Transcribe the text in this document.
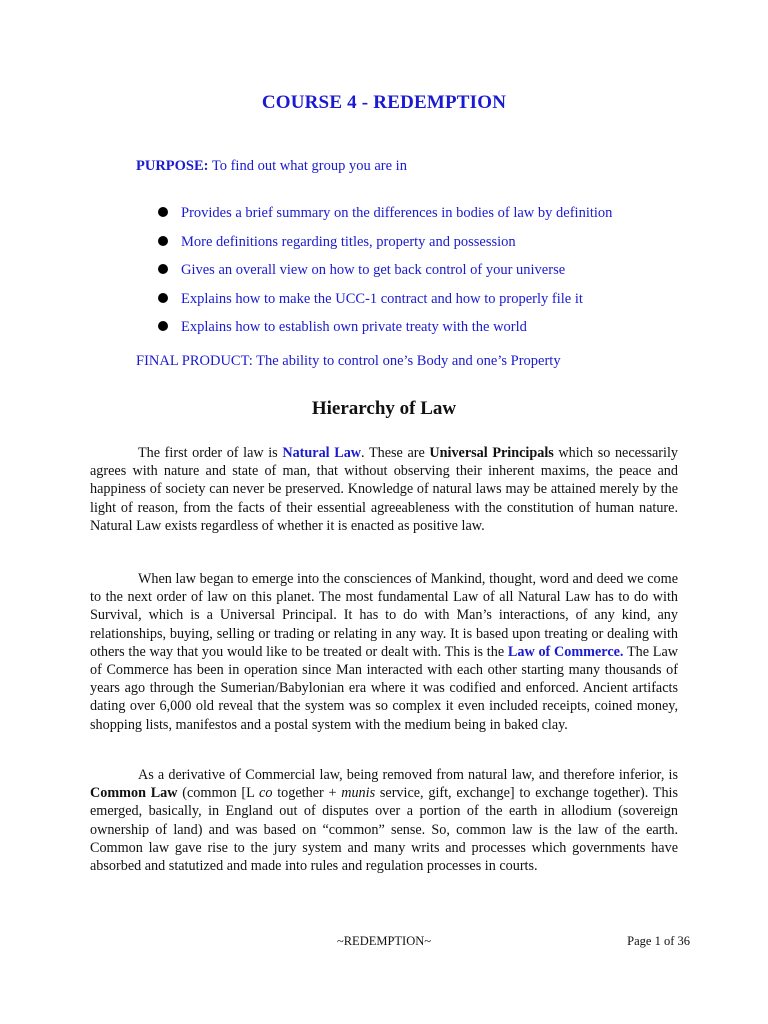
COURSE 4 - REDEMPTION
PURPOSE: To find out what group you are in
Provides a brief summary on the differences in bodies of law by definition
More definitions regarding titles, property and possession
Gives an overall view on how to get back control of your universe
Explains how to make the UCC-1 contract and how to properly file it
Explains how to establish own private treaty with the world
FINAL PRODUCT: The ability to control one’s Body and one’s Property
Hierarchy of Law
The first order of law is Natural Law. These are Universal Principals which so necessarily agrees with nature and state of man, that without observing their inherent maxims, the peace and happiness of society can never be preserved. Knowledge of natural laws may be attained merely by the light of reason, from the facts of their essential agreeableness with the constitution of human nature. Natural Law exists regardless of whether it is enacted as positive law.
When law began to emerge into the consciences of Mankind, thought, word and deed we come to the next order of law on this planet. The most fundamental Law of all Natural Law has to do with Survival, which is a Universal Principal. It has to do with Man’s interactions, of any kind, any relationships, buying, selling or trading or relating in any way. It is based upon treating or dealing with others the way that you would like to be treated or dealt with. This is the Law of Commerce. The Law of Commerce has been in operation since Man interacted with each other starting many thousands of years ago through the Sumerian/Babylonian era where it was codified and enforced. Ancient artifacts dating over 6,000 old reveal that the system was so complex it even included receipts, coined money, shopping lists, manifestos and a postal system with the medium being in baked clay.
As a derivative of Commercial law, being removed from natural law, and therefore inferior, is Common Law (common [L co together + munis service, gift, exchange] to exchange together). This emerged, basically, in England out of disputes over a portion of the earth in allodium (sovereign ownership of land) and was based on “common” sense. So, common law is the law of the earth. Common law gave rise to the jury system and many writs and processes which governments have absorbed and statutized and made into rules and regulation processes in courts.
~REDEMPTION~	Page 1 of 36
